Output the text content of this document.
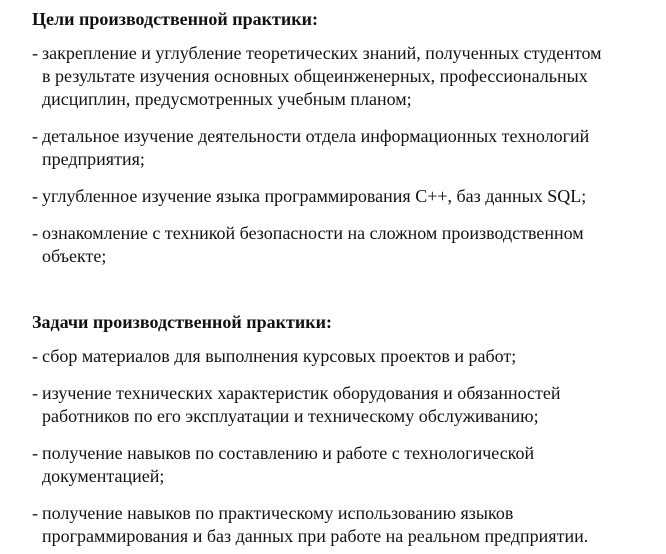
Цели производственной практики:
- закрепление и углубление теоретических знаний, полученных студентом
в результате изучения основных общеинженерных, профессиональных
дисциплин, предусмотренных учебным планом;
- детальное изучение деятельности отдела информационных технологий
предприятия;
- углубленное изучение языка программирования C++, баз данных SQL;
- ознакомление с техникой безопасности на сложном производственном
объекте;
Задачи производственной практики:
- сбор материалов для выполнения курсовых проектов и работ;
- изучение технических характеристик оборудования и обязанностей
работников по его эксплуатации и техническому обслуживанию;
- получение навыков по составлению и работе с технологической
документацией;
- получение навыков по практическому использованию языков
программирования и баз данных при работе на реальном предприятии.
